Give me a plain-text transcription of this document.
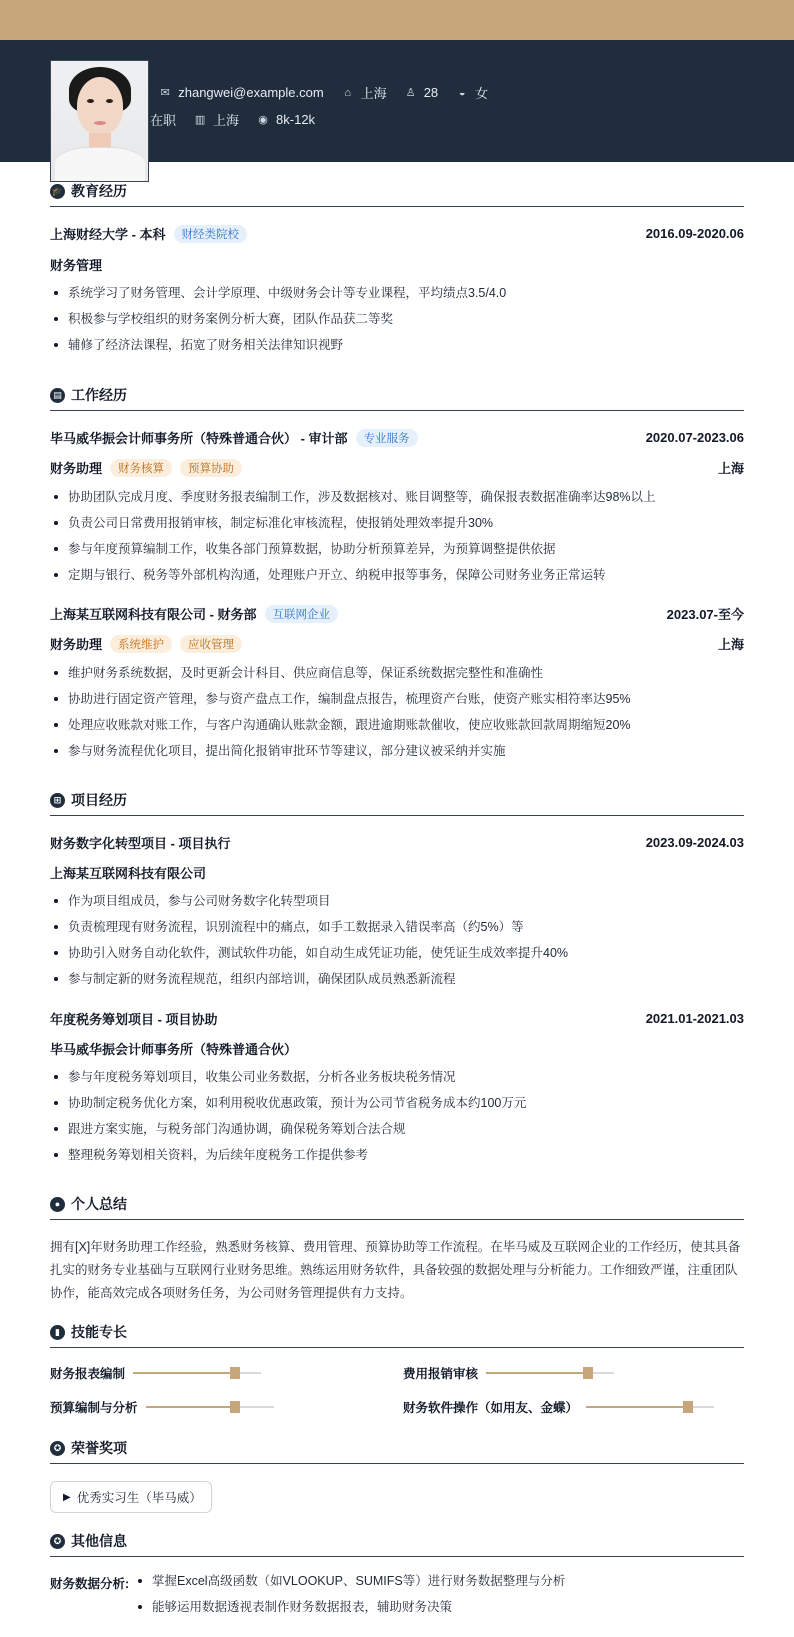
0 ✉ zhangwei@example.com ⌂ 上海 ♙ 28 ◒ 女
在职 ▥ 上海 ◉ 8k-12k
🎓 教育经历
上海财经大学 - 本科	财经类院校	2016.09-2020.06
财务管理
系统学习了财务管理、会计学原理、中级财务会计等专业课程，平均绩点3.5/4.0
积极参与学校组织的财务案例分析大赛，团队作品获二等奖
辅修了经济法课程，拓宽了财务相关法律知识视野
▤ 工作经历
毕马威华振会计师事务所（特殊普通合伙） - 审计部	专业服务	2020.07-2023.06
财务助理	财务核算	预算协助	上海
协助团队完成月度、季度财务报表编制工作，涉及数据核对、账目调整等，确保报表数据准确率达98%以上
负责公司日常费用报销审核，制定标准化审核流程，使报销处理效率提升30%
参与年度预算编制工作，收集各部门预算数据，协助分析预算差异，为预算调整提供依据
定期与银行、税务等外部机构沟通，处理账户开立、纳税申报等事务，保障公司财务业务正常运转
上海某互联网科技有限公司 - 财务部	互联网企业	2023.07-至今
财务助理	系统维护	应收管理	上海
维护财务系统数据，及时更新会计科目、供应商信息等，保证系统数据完整性和准确性
协助进行固定资产管理，参与资产盘点工作，编制盘点报告，梳理资产台账，使资产账实相符率达95%
处理应收账款对账工作，与客户沟通确认账款金额，跟进逾期账款催收，使应收账款回款周期缩短20%
参与财务流程优化项目，提出简化报销审批环节等建议，部分建议被采纳并实施
⊞ 项目经历
财务数字化转型项目 - 项目执行	2023.09-2024.03
上海某互联网科技有限公司
作为项目组成员，参与公司财务数字化转型项目
负责梳理现有财务流程，识别流程中的痛点，如手工数据录入错误率高（约5%）等
协助引入财务自动化软件，测试软件功能，如自动生成凭证功能，使凭证生成效率提升40%
参与制定新的财务流程规范，组织内部培训，确保团队成员熟悉新流程
年度税务筹划项目 - 项目协助	2021.01-2021.03
毕马威华振会计师事务所（特殊普通合伙）
参与年度税务筹划项目，收集公司业务数据，分析各业务板块税务情况
协助制定税务优化方案，如利用税收优惠政策，预计为公司节省税务成本约100万元
跟进方案实施，与税务部门沟通协调，确保税务筹划合法合规
整理税务筹划相关资料，为后续年度税务工作提供参考
● 个人总结
拥有[X]年财务助理工作经验，熟悉财务核算、费用管理、预算协助等工作流程。在毕马威及互联网企业的工作经历，使其具备扎实的财务专业基础与互联网行业财务思维。熟练运用财务软件，具备较强的数据处理与分析能力。工作细致严谨，注重团队协作，能高效完成各项财务任务，为公司财务管理提供有力支持。
▮ 技能专长
财务报表编制	费用报销审核
预算编制与分析	财务软件操作（如用友、金蝶）
✪ 荣誉奖项
▶ 优秀实习生（毕马威）
✪ 其他信息
财务数据分析:	掌握Excel高级函数（如VLOOKUP、SUMIFS等）进行财务数据整理与分析
能够运用数据透视表制作财务数据报表，辅助财务决策
